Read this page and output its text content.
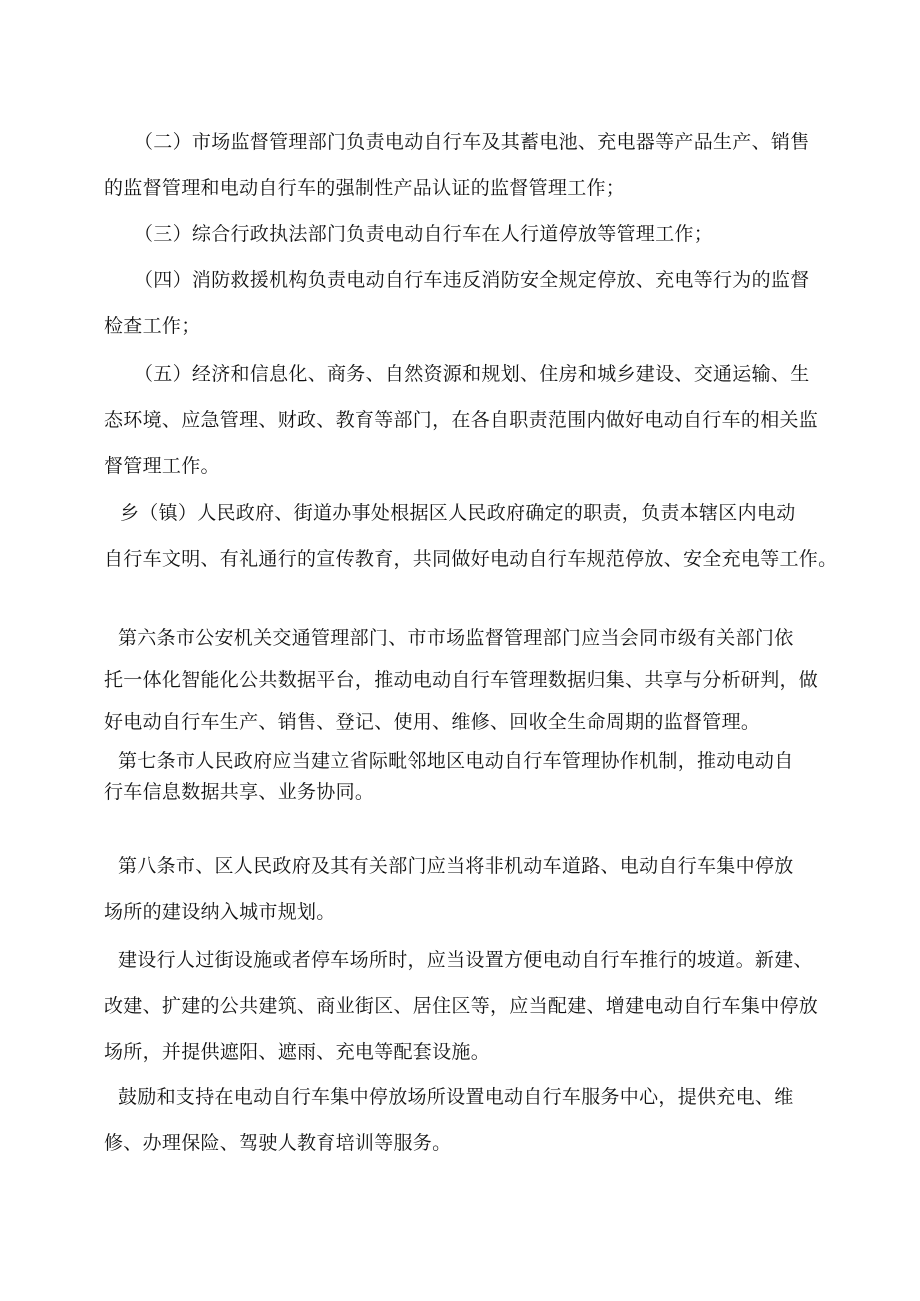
（二）市场监督管理部门负责电动自行车及其蓄电池、充电器等产品生产、销售
的监督管理和电动自行车的强制性产品认证的监督管理工作；

（三）综合行政执法部门负责电动自行车在人行道停放等管理工作；

（四）消防救援机构负责电动自行车违反消防安全规定停放、充电等行为的监督
检查工作；

（五）经济和信息化、商务、自然资源和规划、住房和城乡建设、交通运输、生
态环境、应急管理、财政、教育等部门，在各自职责范围内做好电动自行车的相关监
督管理工作。

乡（镇）人民政府、街道办事处根据区人民政府确定的职责，负责本辖区内电动
自行车文明、有礼通行的宣传教育，共同做好电动自行车规范停放、安全充电等工作。

第六条市公安机关交通管理部门、市市场监督管理部门应当会同市级有关部门依
托一体化智能化公共数据平台，推动电动自行车管理数据归集、共享与分析研判，做
好电动自行车生产、销售、登记、使用、维修、回收全生命周期的监督管理。

第七条市人民政府应当建立省际毗邻地区电动自行车管理协作机制，推动电动自
行车信息数据共享、业务协同。

第八条市、区人民政府及其有关部门应当将非机动车道路、电动自行车集中停放
场所的建设纳入城市规划。

建设行人过街设施或者停车场所时，应当设置方便电动自行车推行的坡道。新建、
改建、扩建的公共建筑、商业街区、居住区等，应当配建、增建电动自行车集中停放
场所，并提供遮阳、遮雨、充电等配套设施。

鼓励和支持在电动自行车集中停放场所设置电动自行车服务中心，提供充电、维
修、办理保险、驾驶人教育培训等服务。
